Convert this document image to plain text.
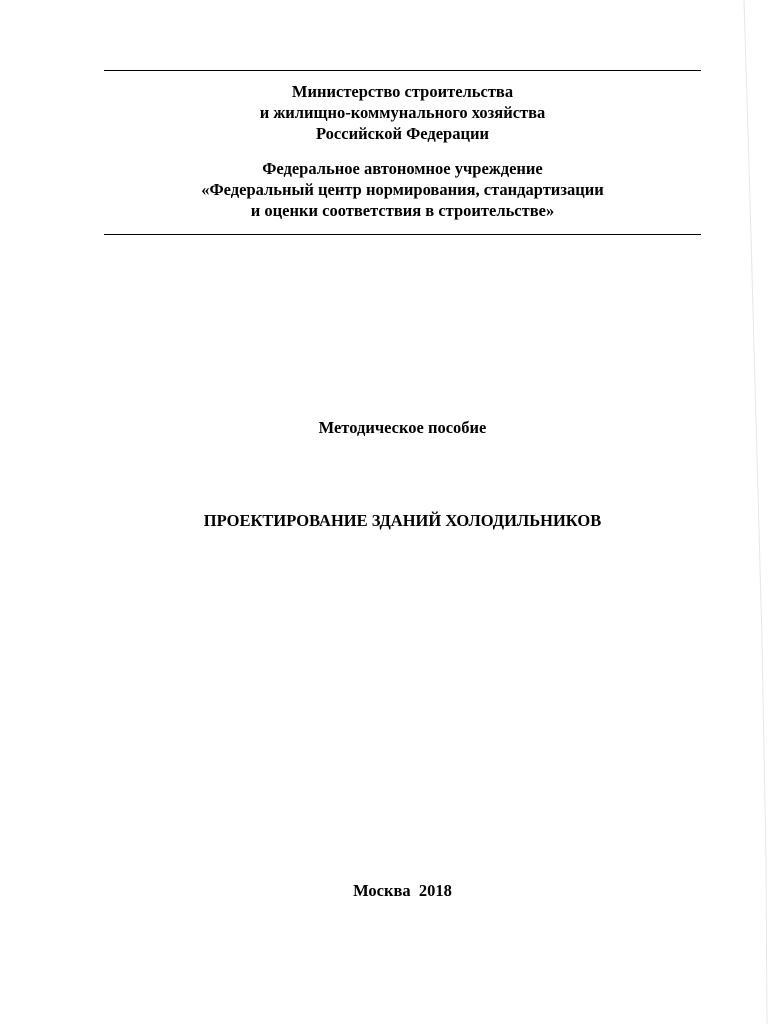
Министерство строительства
и жилищно-коммунального хозяйства
Российской Федерации
Федеральное автономное учреждение
«Федеральный центр нормирования, стандартизации
и оценки соответствия в строительстве»
Методическое пособие
ПРОЕКТИРОВАНИЕ ЗДАНИЙ ХОЛОДИЛЬНИКОВ
Москва  2018
